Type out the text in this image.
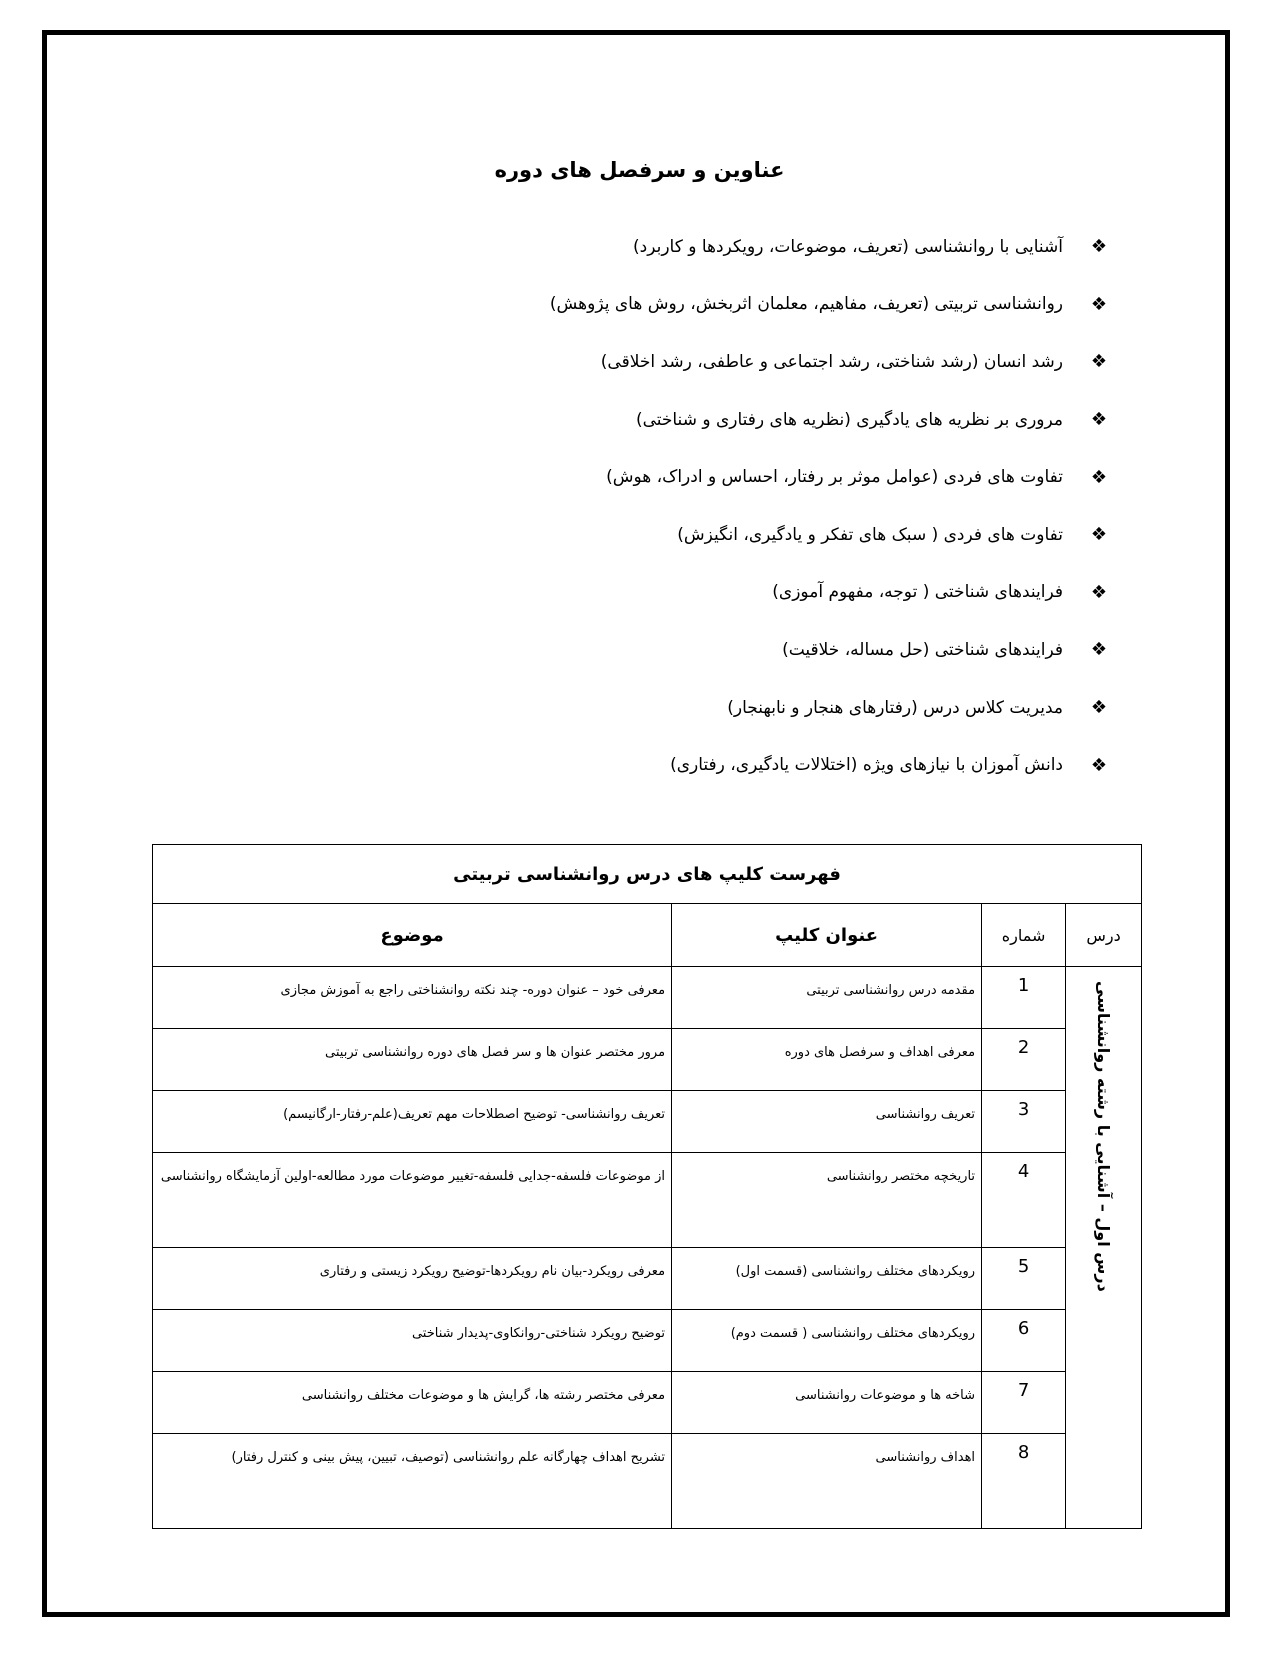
عناوین و سرفصل های دوره
❖
آشنایی با روانشناسی (تعریف، موضوعات، رویکردها و کاربرد)
❖
روانشناسی تربیتی (تعریف، مفاهیم، معلمان اثربخش، روش های پژوهش)
❖
رشد انسان (رشد شناختی، رشد اجتماعی و عاطفی، رشد اخلاقی)
❖
مروری بر نظریه های یادگیری (نظریه های رفتاری و شناختی)
❖
تفاوت های فردی (عوامل موثر بر رفتار، احساس و ادراک، هوش)
❖
تفاوت های فردی ( سبک های تفکر و یادگیری، انگیزش)
❖
فرایندهای شناختی ( توجه، مفهوم آموزی)
❖
فرایندهای شناختی (حل مساله، خلاقیت)
❖
مدیریت کلاس درس (رفتارهای هنجار و نابهنجار)
❖
دانش آموزان با نیازهای ویژه (اختلالات یادگیری، رفتاری)
فهرست کلیپ های درس روانشناسی تربیتی			
درس	شماره	عنوان کلیپ	موضوع
درس اول – آشنایی با رشته روانشناسی	1	مقدمه درس روانشناسی تربیتی	معرفی خود – عنوان دوره- چند نکته روانشناختی راجع به آموزش مجازی
	2	معرفی اهداف و سرفصل های دوره	مرور مختصر عنوان ها و سر فصل های دوره روانشناسی تربیتی
	3	تعریف روانشناسی	تعریف روانشناسی- توضیح اصطلاحات مهم تعریف(علم-رفتار-ارگانیسم)
	4	تاریخچه مختصر روانشناسی	از موضوعات فلسفه-جدایی فلسفه-تغییر موضوعات مورد مطالعه-اولین آزمایشگاه روانشناسی
	5	رویکردهای مختلف روانشناسی (قسمت اول)	معرفی رویکرد-بیان نام رویکردها-توضیح رویکرد زیستی و رفتاری
	6	رویکردهای مختلف روانشناسی ( قسمت دوم)	توضیح رویکرد شناختی-روانکاوی-پدیدار شناختی
	7	شاخه ها و موضوعات روانشناسی	معرفی مختصر رشته ها، گرایش ها و موضوعات مختلف روانشناسی
	8	اهداف روانشناسی	تشریح اهداف چهارگانه علم روانشناسی (توصیف، تبیین، پیش بینی و کنترل رفتار)
